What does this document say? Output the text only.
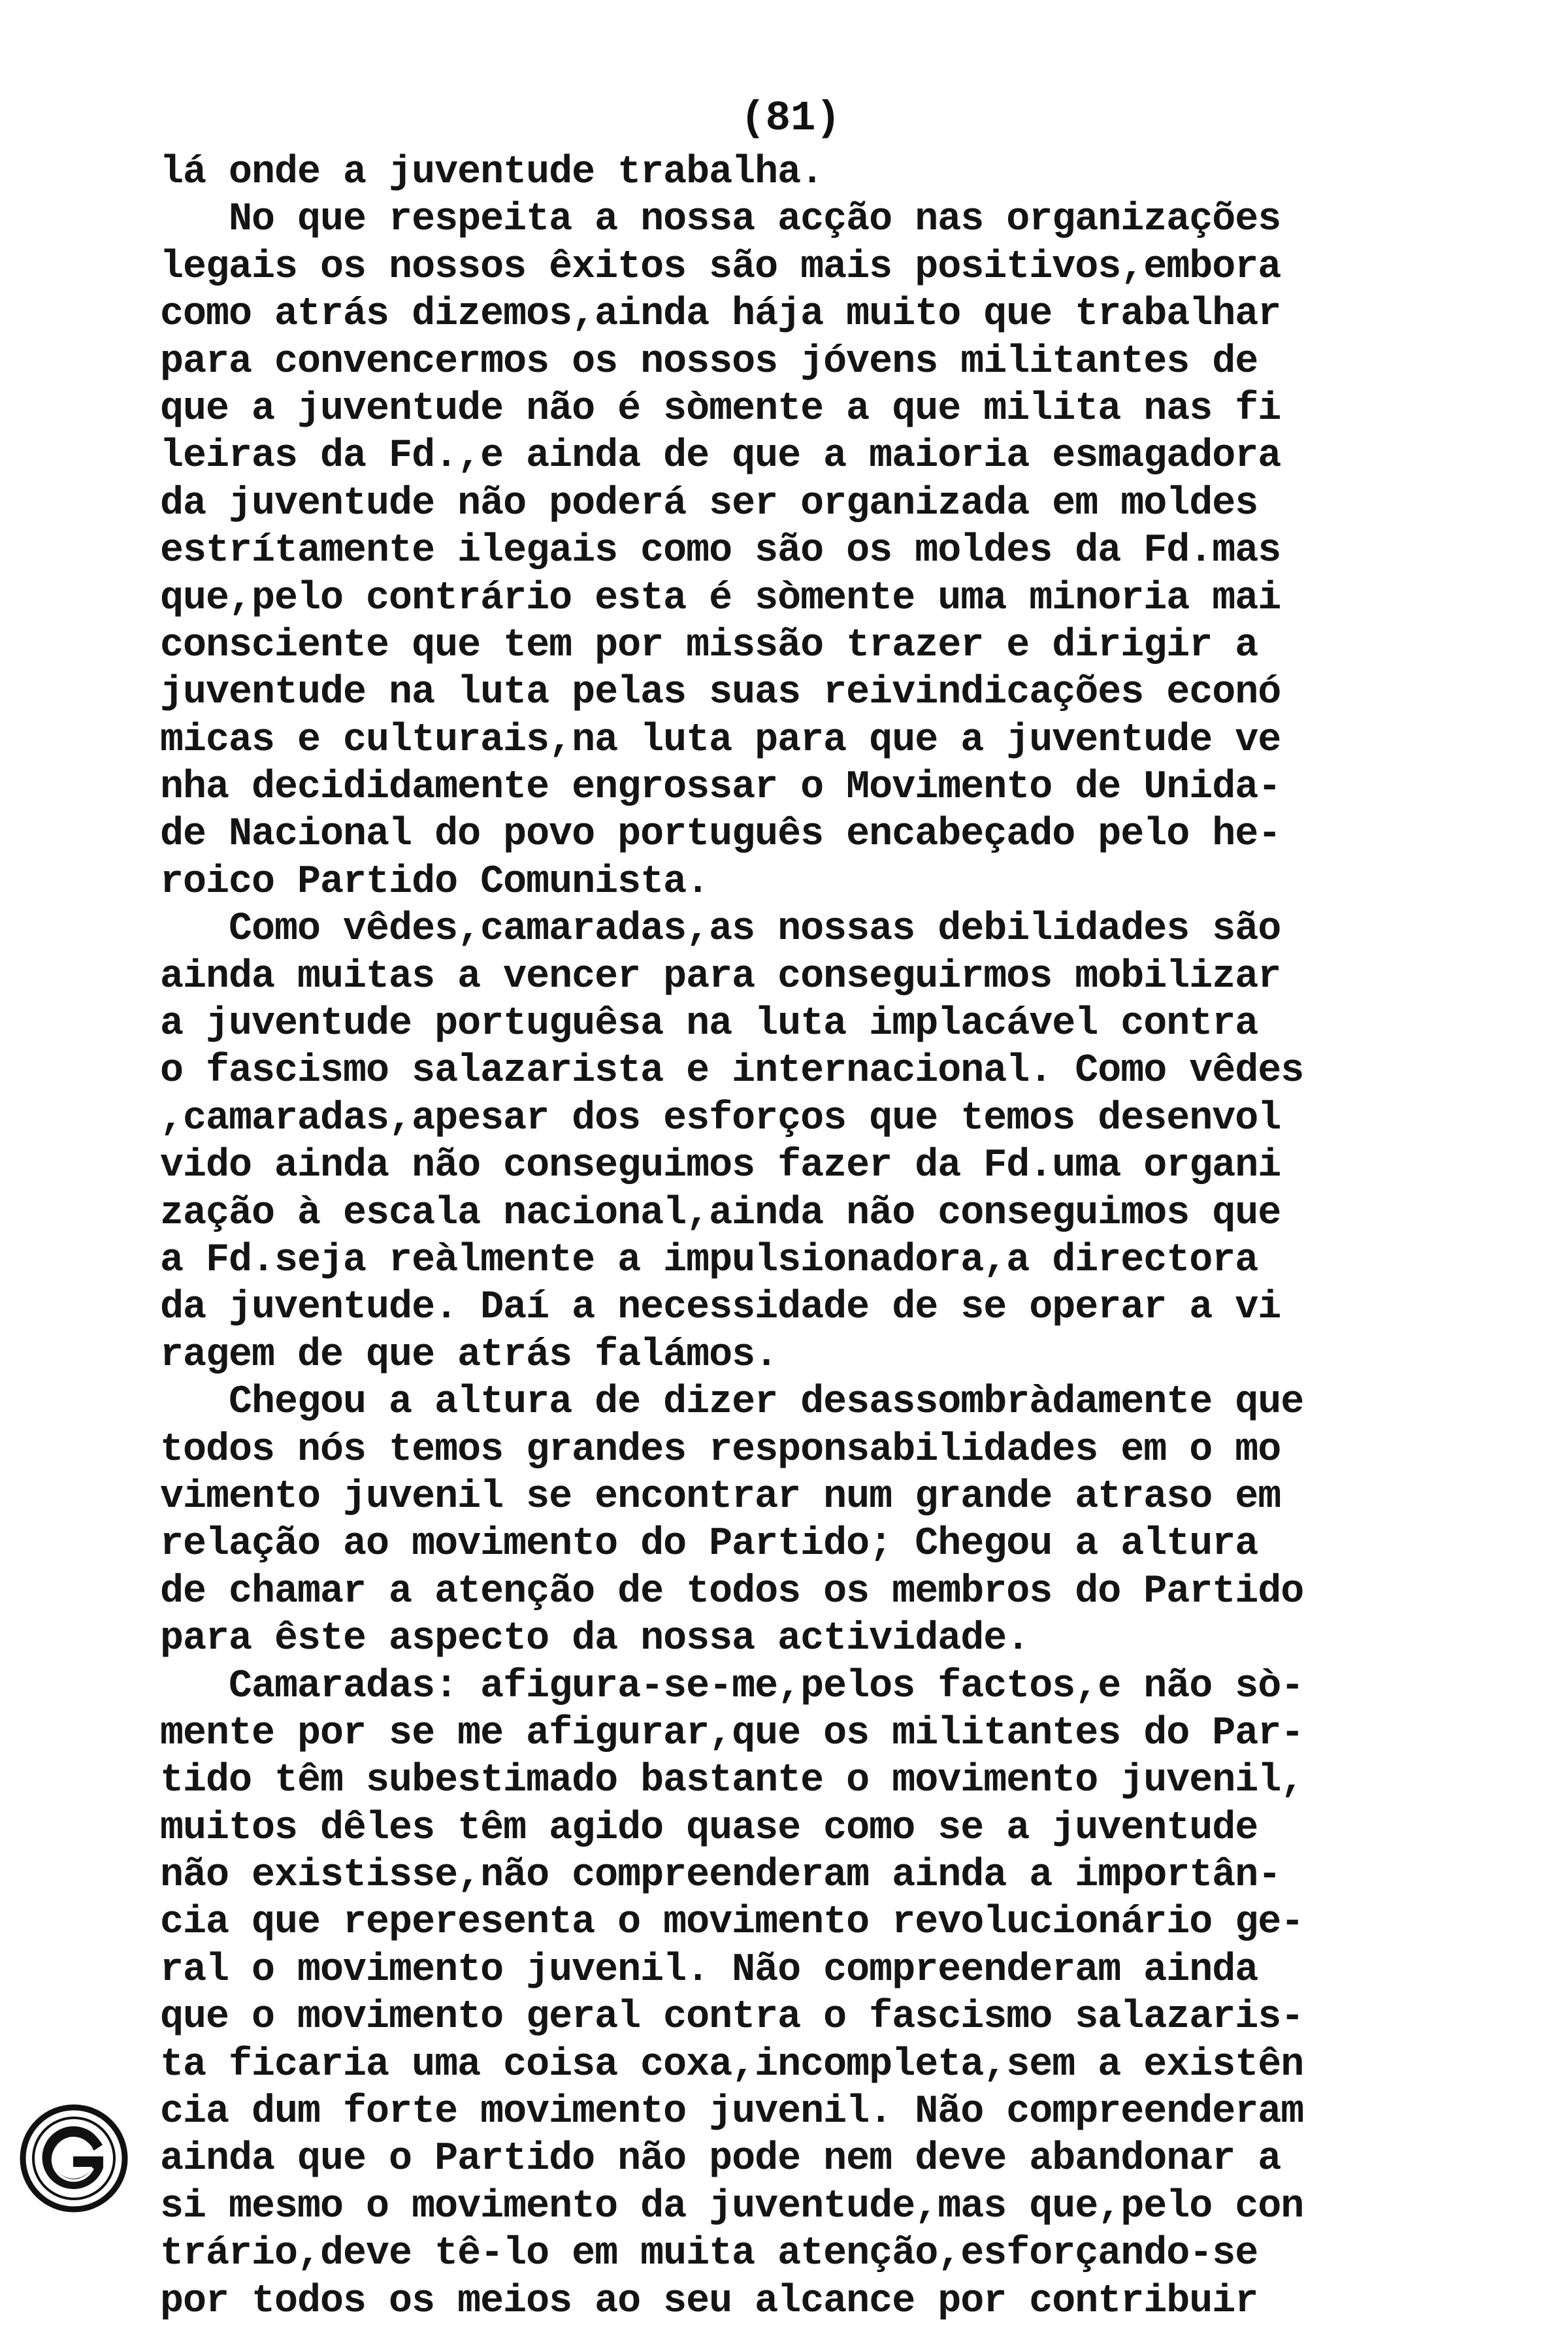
(81)
lá onde a juventude trabalha.
No que respeita a nossa acção nas organizações
legais os nossos êxitos são mais positivos,embora
como atrás dizemos,ainda hája muito que trabalhar
para convencermos os nossos jóvens militantes de
que a juventude não é sòmente a que milita nas fi
leiras da Fd.,e ainda de que a maioria esmagadora
da juventude não poderá ser organizada em moldes
estrítamente ilegais como são os moldes da Fd.mas
que,pelo contrário esta é sòmente uma minoria mai
consciente que tem por missão trazer e dirigir a
juventude na luta pelas suas reivindicações econó
micas e culturais,na luta para que a juventude ve
nha decididamente engrossar o Movimento de Unida-
de Nacional do povo português encabeçado pelo he-
roico Partido Comunista.
Como vêdes,camaradas,as nossas debilidades são
ainda muitas a vencer para conseguirmos mobilizar
a juventude portuguêsa na luta implacável contra
o fascismo salazarista e internacional. Como vêdes
,camaradas,apesar dos esforços que temos desenvol
vido ainda não conseguimos fazer da Fd.uma organi
zação à escala nacional,ainda não conseguimos que
a Fd.seja reàlmente a impulsionadora,a directora
da juventude. Daí a necessidade de se operar a vi
ragem de que atrás falámos.
Chegou a altura de dizer desassombràdamente que
todos nós temos grandes responsabilidades em o mo
vimento juvenil se encontrar num grande atraso em
relação ao movimento do Partido; Chegou a altura
de chamar a atenção de todos os membros do Partido
para êste aspecto da nossa actividade.
Camaradas: afigura-se-me,pelos factos,e não sò-
mente por se me afigurar,que os militantes do Par-
tido têm subestimado bastante o movimento juvenil,
muitos dêles têm agido quase como se a juventude
não existisse,não compreenderam ainda a importân-
cia que reperesenta o movimento revolucionário ge-
ral o movimento juvenil. Não compreenderam ainda
que o movimento geral contra o fascismo salazaris-
ta ficaria uma coisa coxa,incompleta,sem a existên
cia dum forte movimento juvenil. Não compreenderam
ainda que o Partido não pode nem deve abandonar a
si mesmo o movimento da juventude,mas que,pelo con
trário,deve tê-lo em muita atenção,esforçando-se
por todos os meios ao seu alcance por contribuir
